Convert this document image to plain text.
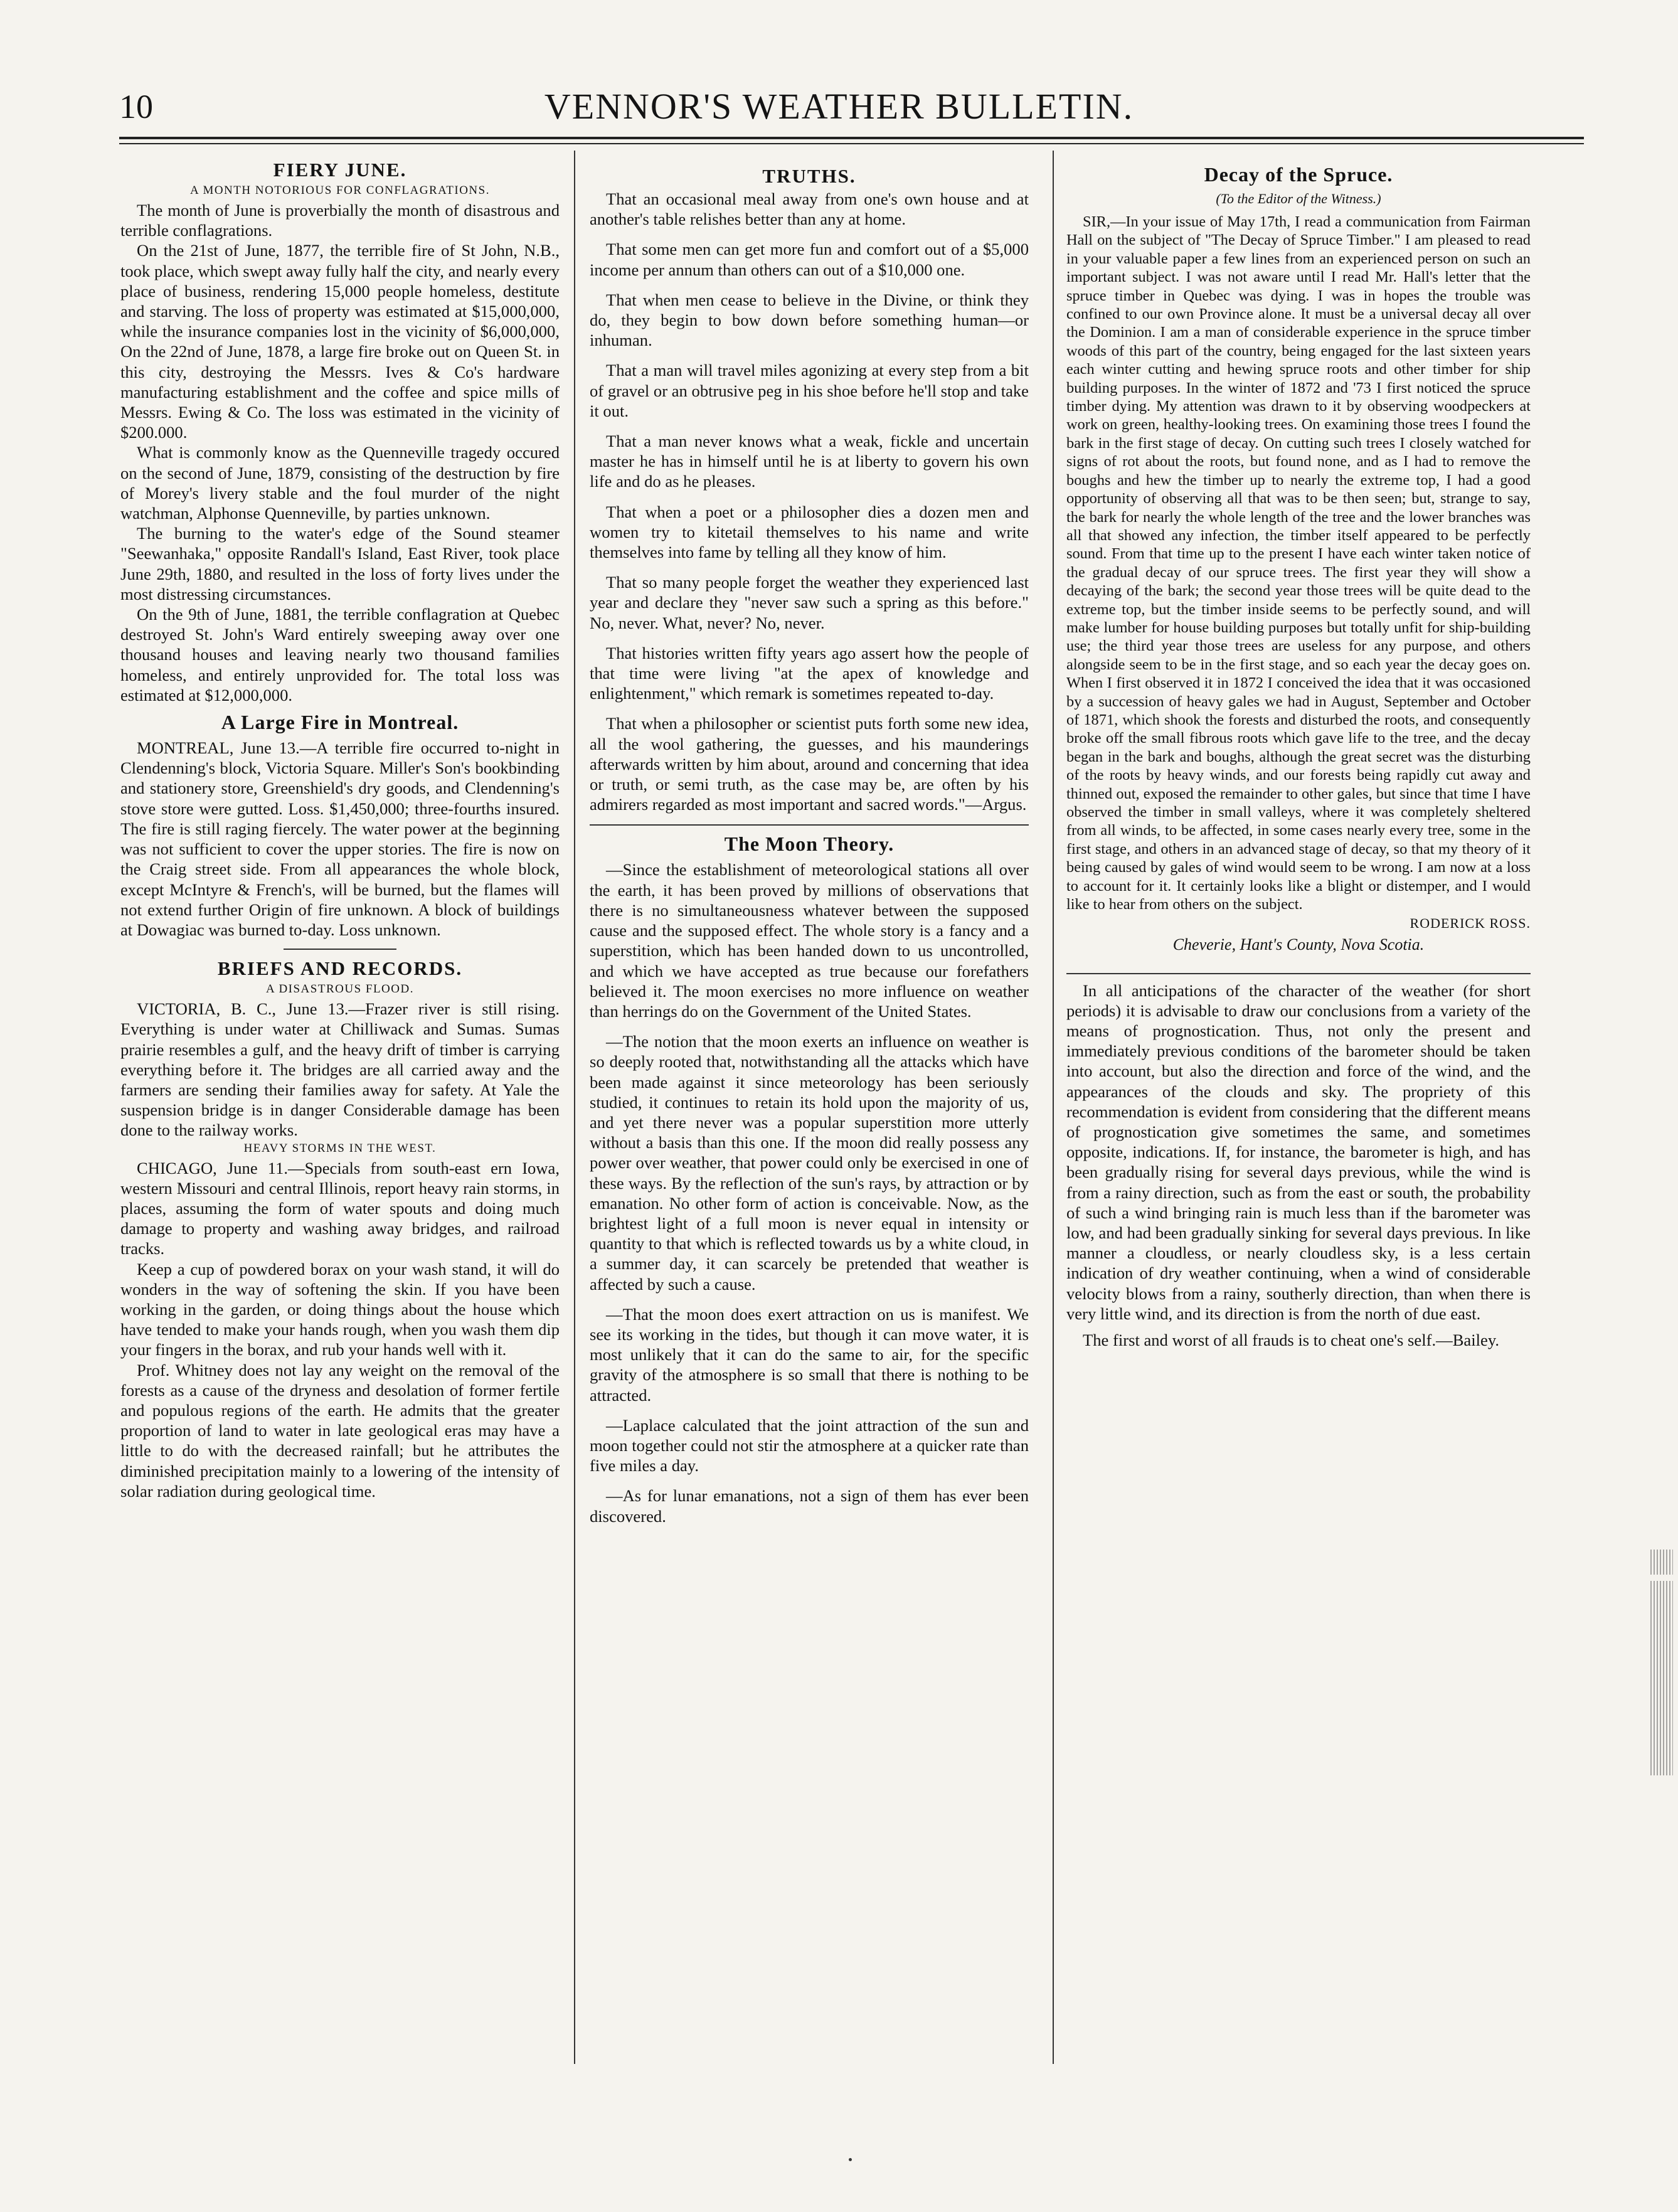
10	VENNOR'S WEATHER BULLETIN.
FIERY JUNE.
A MONTH NOTORIOUS FOR CONFLAGRATIONS.

The month of June is proverbially the month of disastrous and terrible conflagrations.

On the 21st of June, 1877, the terrible fire of St John, N.B., took place, which swept away fully half the city, and nearly every place of business, rendering 15,000 people homeless, destitute and starving. The loss of property was estimated at $15,000,000, while the insurance companies lost in the vicinity of $6,000,000, On the 22nd of June, 1878, a large fire broke out on Queen St. in this city, destroying the Messrs. Ives & Co's hardware manufacturing establishment and the coffee and spice mills of Messrs. Ewing & Co. The loss was estimated in the vicinity of $200.000.

What is commonly know as the Quenneville tragedy occured on the second of June, 1879, consisting of the destruction by fire of Morey's livery stable and the foul murder of the night watchman, Alphonse Quenneville, by parties unknown.

The burning to the water's edge of the Sound steamer "Seewanhaka," opposite Randall's Island, East River, took place June 29th, 1880, and resulted in the loss of forty lives under the most distressing circumstances.

On the 9th of June, 1881, the terrible conflagration at Quebec destroyed St. John's Ward entirely sweeping away over one thousand houses and leaving nearly two thousand families homeless, and entirely unprovided for. The total loss was estimated at $12,000,000.

A Large Fire in Montreal.

MONTREAL, June 13.—A terrible fire occurred to-night in Clendenning's block, Victoria Square. Miller's Son's bookbinding and stationery store, Greenshield's dry goods, and Clendenning's stove store were gutted. Loss. $1,450,000; three-fourths insured. The fire is still raging fiercely. The water power at the beginning was not sufficient to cover the upper stories. The fire is now on the Craig street side. From all appearances the whole block, except McIntyre & French's, will be burned, but the flames will not extend further Origin of fire unknown. A block of buildings at Dowagiac was burned to-day. Loss unknown.

BRIEFS AND RECORDS.
A DISASTROUS FLOOD.

VICTORIA, B. C., June 13.—Frazer river is still rising. Everything is under water at Chilliwack and Sumas. Sumas prairie resembles a gulf, and the heavy drift of timber is carrying everything before it. The bridges are all carried away and the farmers are sending their families away for safety. At Yale the suspension bridge is in danger Considerable damage has been done to the railway works.

HEAVY STORMS IN THE WEST.

CHICAGO, June 11.—Specials from south-east ern Iowa, western Missouri and central Illinois, report heavy rain storms, in places, assuming the form of water spouts and doing much damage to property and washing away bridges, and railroad tracks.

Keep a cup of powdered borax on your wash stand, it will do wonders in the way of softening the skin. If you have been working in the garden, or doing things about the house which have tended to make your hands rough, when you wash them dip your fingers in the borax, and rub your hands well with it.

Prof. Whitney does not lay any weight on the removal of the forests as a cause of the dryness and desolation of former fertile and populous regions of the earth. He admits that the greater proportion of land to water in late geological eras may have a little to do with the decreased rainfall; but he attributes the diminished precipitation mainly to a lowering of the intensity of solar radiation during geological time.

TRUTHS.

That an occasional meal away from one's own house and at another's table relishes better than any at home.

That some men can get more fun and comfort out of a $5,000 income per annum than others can out of a $10,000 one.

That when men cease to believe in the Divine, or think they do, they begin to bow down before something human—or inhuman.

That a man will travel miles agonizing at every step from a bit of gravel or an obtrusive peg in his shoe before he'll stop and take it out.

That a man never knows what a weak, fickle and uncertain master he has in himself until he is at liberty to govern his own life and do as he pleases.

That when a poet or a philosopher dies a dozen men and women try to kitetail themselves to his name and write themselves into fame by telling all they know of him.

That so many people forget the weather they experienced last year and declare they "never saw such a spring as this before." No, never. What, never? No, never.

That histories written fifty years ago assert how the people of that time were living "at the apex of knowledge and enlightenment," which remark is sometimes repeated to-day.

That when a philosopher or scientist puts forth some new idea, all the wool gathering, the guesses, and his maunderings afterwards written by him about, around and concerning that idea or truth, or semi truth, as the case may be, are often by his admirers regarded as most important and sacred words."—Argus.

The Moon Theory.

—Since the establishment of meteorological stations all over the earth, it has been proved by millions of observations that there is no simultaneousness whatever between the supposed cause and the supposed effect. The whole story is a fancy and a superstition, which has been handed down to us uncontrolled, and which we have accepted as true because our forefathers believed it. The moon exercises no more influence on weather than herrings do on the Government of the United States.

—The notion that the moon exerts an influence on weather is so deeply rooted that, notwithstanding all the attacks which have been made against it since meteorology has been seriously studied, it continues to retain its hold upon the majority of us, and yet there never was a popular superstition more utterly without a basis than this one. If the moon did really possess any power over weather, that power could only be exercised in one of these ways. By the reflection of the sun's rays, by attraction or by emanation. No other form of action is conceivable. Now, as the brightest light of a full moon is never equal in intensity or quantity to that which is reflected towards us by a white cloud, in a summer day, it can scarcely be pretended that weather is affected by such a cause.

—That the moon does exert attraction on us is manifest. We see its working in the tides, but though it can move water, it is most unlikely that it can do the same to air, for the specific gravity of the atmosphere is so small that there is nothing to be attracted.

—Laplace calculated that the joint attraction of the sun and moon together could not stir the atmosphere at a quicker rate than five miles a day.

—As for lunar emanations, not a sign of them has ever been discovered.

Decay of the Spruce.
(To the Editor of the Witness.)

SIR,—In your issue of May 17th, I read a communication from Fairman Hall on the subject of "The Decay of Spruce Timber." I am pleased to read in your valuable paper a few lines from an experienced person on such an important subject. I was not aware until I read Mr. Hall's letter that the spruce timber in Quebec was dying. I was in hopes the trouble was confined to our own Province alone. It must be a universal decay all over the Dominion. I am a man of considerable experience in the spruce timber woods of this part of the country, being engaged for the last sixteen years each winter cutting and hewing spruce roots and other timber for ship building purposes. In the winter of 1872 and '73 I first noticed the spruce timber dying. My attention was drawn to it by observing woodpeckers at work on green, healthy-looking trees. On examining those trees I found the bark in the first stage of decay. On cutting such trees I closely watched for signs of rot about the roots, but found none, and as I had to remove the boughs and hew the timber up to nearly the extreme top, I had a good opportunity of observing all that was to be then seen; but, strange to say, the bark for nearly the whole length of the tree and the lower branches was all that showed any infection, the timber itself appeared to be perfectly sound. From that time up to the present I have each winter taken notice of the gradual decay of our spruce trees. The first year they will show a decaying of the bark; the second year those trees will be quite dead to the extreme top, but the timber inside seems to be perfectly sound, and will make lumber for house building purposes but totally unfit for ship-building use; the third year those trees are useless for any purpose, and others alongside seem to be in the first stage, and so each year the decay goes on. When I first observed it in 1872 I conceived the idea that it was occasioned by a succession of heavy gales we had in August, September and October of 1871, which shook the forests and disturbed the roots, and consequently broke off the small fibrous roots which gave life to the tree, and the decay began in the bark and boughs, although the great secret was the disturbing of the roots by heavy winds, and our forests being rapidly cut away and thinned out, exposed the remainder to other gales, but since that time I have observed the timber in small valleys, where it was completely sheltered from all winds, to be affected, in some cases nearly every tree, some in the first stage, and others in an advanced stage of decay, so that my theory of it being caused by gales of wind would seem to be wrong. I am now at a loss to account for it. It certainly looks like a blight or distemper, and I would like to hear from others on the subject.

RODERICK ROSS.

Cheverie, Hant's County, Nova Scotia.

In all anticipations of the character of the weather (for short periods) it is advisable to draw our conclusions from a variety of the means of prognostication. Thus, not only the present and immediately previous conditions of the barometer should be taken into account, but also the direction and force of the wind, and the appearances of the clouds and sky. The propriety of this recommendation is evident from considering that the different means of prognostication give sometimes the same, and sometimes opposite, indications. If, for instance, the barometer is high, and has been gradually rising for several days previous, while the wind is from a rainy direction, such as from the east or south, the probability of such a wind bringing rain is much less than if the barometer was low, and had been gradually sinking for several days previous. In like manner a cloudless, or nearly cloudless sky, is a less certain indication of dry weather continuing, when a wind of considerable velocity blows from a rainy, southerly direction, than when there is very little wind, and its direction is from the north of due east.

The first and worst of all frauds is to cheat one's self.—Bailey.
